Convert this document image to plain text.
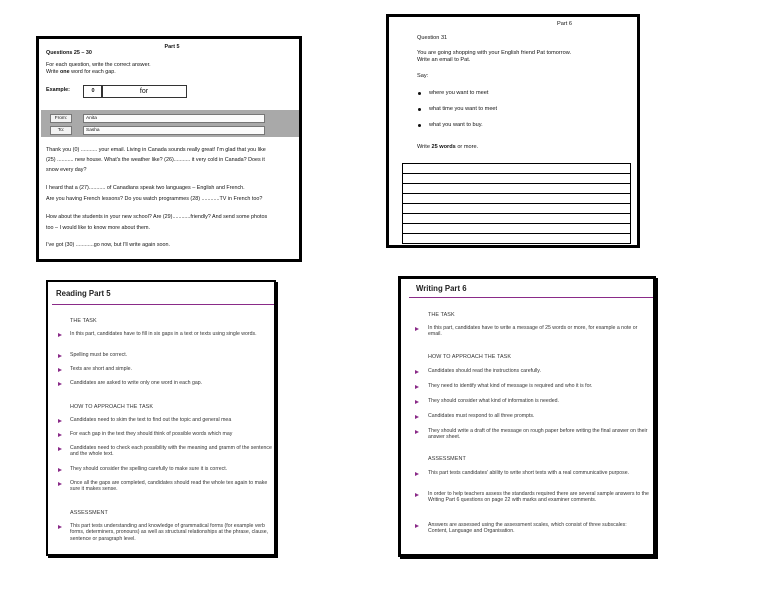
Part 5
Questions 25 – 30
For each question, write the correct answer.
Write one word for each gap.
Example:	0	for
From:	Anita
To:	Sasha
Thank you (0) ........... your email. Living in Canada sounds really great! I'm glad that you like
(25) ........... new house. What's the weather like? (26)........... it very cold in Canada? Does it
snow every day?
I heard that a (27)........... of Canadians speak two languages – English and French.
Are you having French lessons? Do you watch programmes (28) ............TV in French too?
How about the students in your new school? Are (29)............friendly? And send some photos
too – I would like to know more about them.
I've got (30) ............go now, but I'll write again soon.
Part 6
Question 31
You are going shopping with your English friend Pat tomorrow.
Write an email to Pat.
Say:
where you want to meet
what time you want to meet
what you want to buy.
Write 25 words or more.
Reading Part 5
THE TASK
In this part, candidates have to fill in six gaps in a text or texts using single words.
Spelling must be correct.
Texts are short and simple.
Candidates are asked to write only one word in each gap.
HOW TO APPROACH THE TASK
Candidates need to skim the text to find out the topic and general mea
For each gap in the text they should think of possible words which may
Candidates need to check each possibility with the meaning and gramm of the sentence and the whole text.
They should consider the spelling carefully to make sure it is correct.
Once all the gaps are completed, candidates should read the whole tex again to make sure it makes sense.
ASSESSMENT
This part tests understanding and knowledge of grammatical forms (for example verb forms, determiners, pronouns) as well as structural relationships at the phrase, clause, sentence or paragraph level.
Writing Part 6
THE TASK
In this part, candidates have to write a message of 25 words or more, for example a note or email.
HOW TO APPROACH THE TASK
Candidates should read the instructions carefully.
They need to identify what kind of message is required and who it is for.
They should consider what kind of information is needed.
Candidates must respond to all three prompts.
They should write a draft of the message on rough paper before writing the final answer on their answer sheet.
ASSESSMENT
This part tests candidates' ability to write short texts with a real communicative purpose.
In order to help teachers assess the standards required there are several sample answers to the Writing Part 6 questions on page 22 with marks and examiner comments.
Answers are assessed using the assessment scales, which consist of three subscales: Content, Language and Organisation.
